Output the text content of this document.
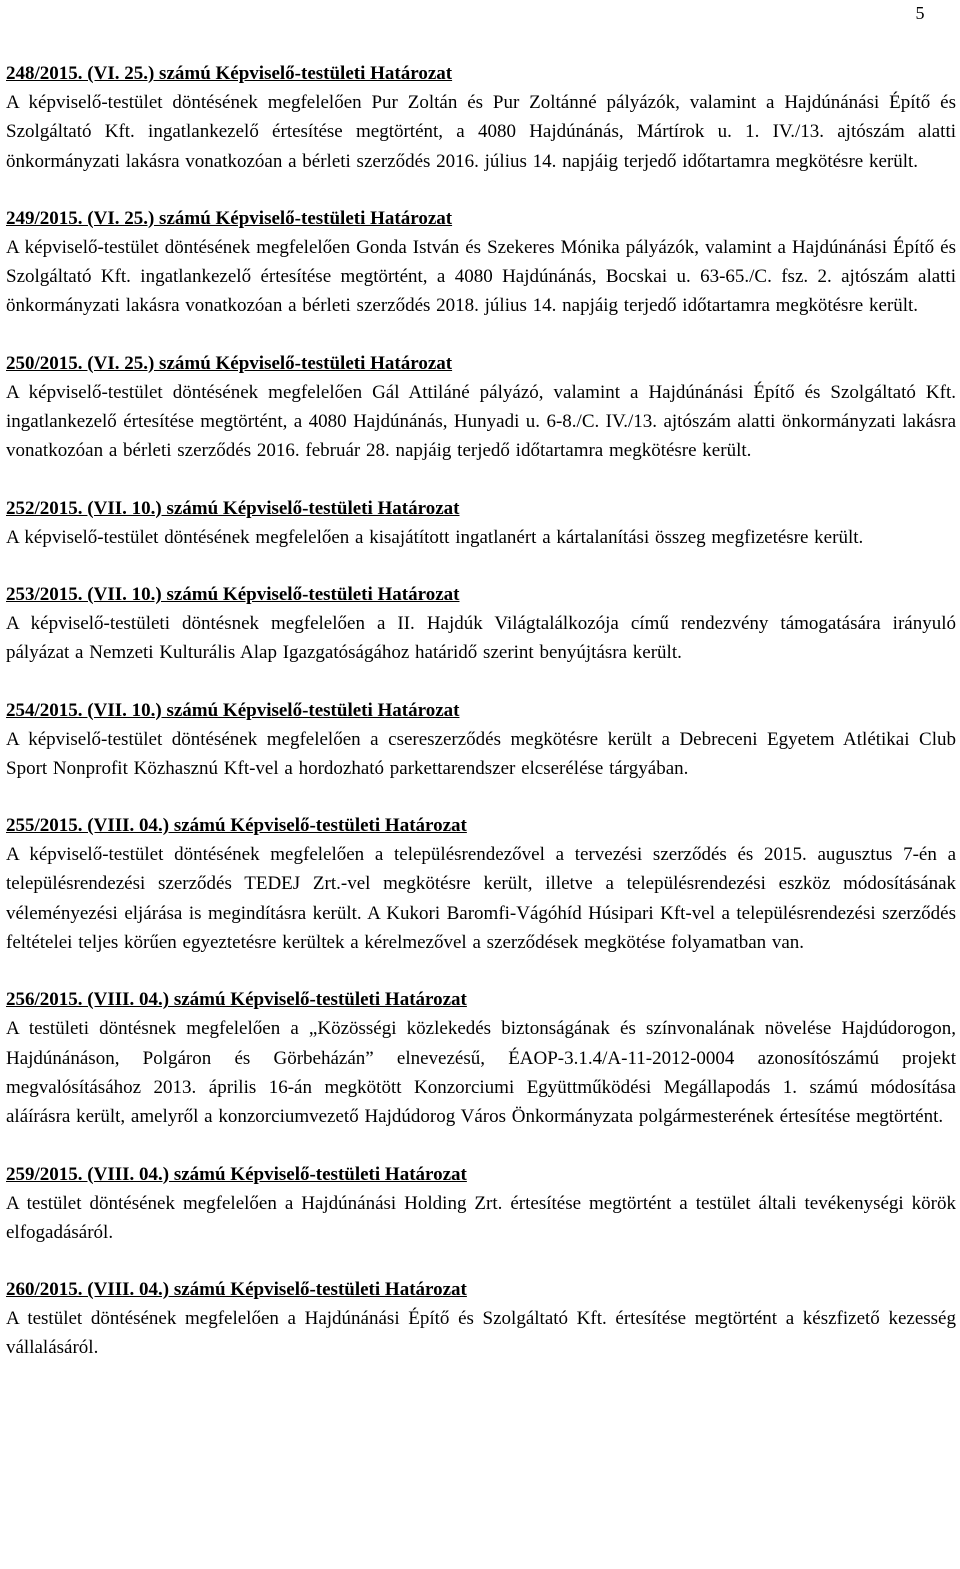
5

248/2015. (VI. 25.) számú Képviselő-testületi Határozat

A képviselő-testület döntésének megfelelően Pur Zoltán és Pur Zoltánné pályázók, valamint a Hajdúnánási Építő és Szolgáltató Kft. ingatlankezelő értesítése megtörtént, a 4080 Hajdúnánás, Mártírok u. 1. IV./13. ajtószám alatti önkormányzati lakásra vonatkozóan a bérleti szerződés 2016. július 14. napjáig terjedő időtartamra megkötésre került.

249/2015. (VI. 25.) számú Képviselő-testületi Határozat

A képviselő-testület döntésének megfelelően Gonda István és Szekeres Mónika pályázók, valamint a Hajdúnánási Építő és Szolgáltató Kft. ingatlankezelő értesítése megtörtént, a 4080 Hajdúnánás, Bocskai u. 63-65./C. fsz. 2. ajtószám alatti önkormányzati lakásra vonatkozóan a bérleti szerződés 2018. július 14. napjáig terjedő időtartamra megkötésre került.

250/2015. (VI. 25.) számú Képviselő-testületi Határozat

A képviselő-testület döntésének megfelelően Gál Attiláné pályázó, valamint a Hajdúnánási Építő és Szolgáltató Kft. ingatlankezelő értesítése megtörtént, a 4080 Hajdúnánás, Hunyadi u. 6-8./C. IV./13. ajtószám alatti önkormányzati lakásra vonatkozóan a bérleti szerződés 2016. február 28. napjáig terjedő időtartamra megkötésre került.

252/2015. (VII. 10.) számú Képviselő-testületi Határozat

A képviselő-testület döntésének megfelelően a kisajátított ingatlanért a kártalanítási összeg megfizetésre került.

253/2015. (VII. 10.) számú Képviselő-testületi Határozat

A képviselő-testületi döntésnek megfelelően a II. Hajdúk Világtalálkozója című rendezvény támogatására irányuló pályázat a Nemzeti Kulturális Alap Igazgatóságához határidő szerint benyújtásra került.

254/2015. (VII. 10.) számú Képviselő-testületi Határozat

A képviselő-testület döntésének megfelelően a csereszerződés megkötésre került a Debreceni Egyetem Atlétikai Club Sport Nonprofit Közhasznú Kft-vel a hordozható parkettarendszer elcserélése tárgyában.

255/2015. (VIII. 04.) számú Képviselő-testületi Határozat

A képviselő-testület döntésének megfelelően a településrendezővel a tervezési szerződés és 2015. augusztus 7-én a településrendezési szerződés TEDEJ Zrt.-vel megkötésre került, illetve a településrendezési eszköz módosításának véleményezési eljárása is megindításra került. A Kukori Baromfi-Vágóhíd Húsipari Kft-vel a településrendezési szerződés feltételei teljes körűen egyeztetésre kerültek a kérelmezővel a szerződések megkötése folyamatban van.

256/2015. (VIII. 04.) számú Képviselő-testületi Határozat

A testületi döntésnek megfelelően a „Közösségi közlekedés biztonságának és színvonalának növelése Hajdúdorogon, Hajdúnánáson, Polgáron és Görbeházán” elnevezésű, ÉAOP-3.1.4/A-11-2012-0004 azonosítószámú projekt megvalósításához 2013. április 16-án megkötött Konzorciumi Együttműködési Megállapodás 1. számú módosítása aláírásra került, amelyről a konzorciumvezető Hajdúdorog Város Önkormányzata polgármesterének értesítése megtörtént.

259/2015. (VIII. 04.) számú Képviselő-testületi Határozat

A testület döntésének megfelelően a Hajdúnánási Holding Zrt. értesítése megtörtént a testület általi tevékenységi körök elfogadásáról.

260/2015. (VIII. 04.) számú Képviselő-testületi Határozat

A testület döntésének megfelelően a Hajdúnánási Építő és Szolgáltató Kft. értesítése megtörtént a készfizető kezesség vállalásáról.
